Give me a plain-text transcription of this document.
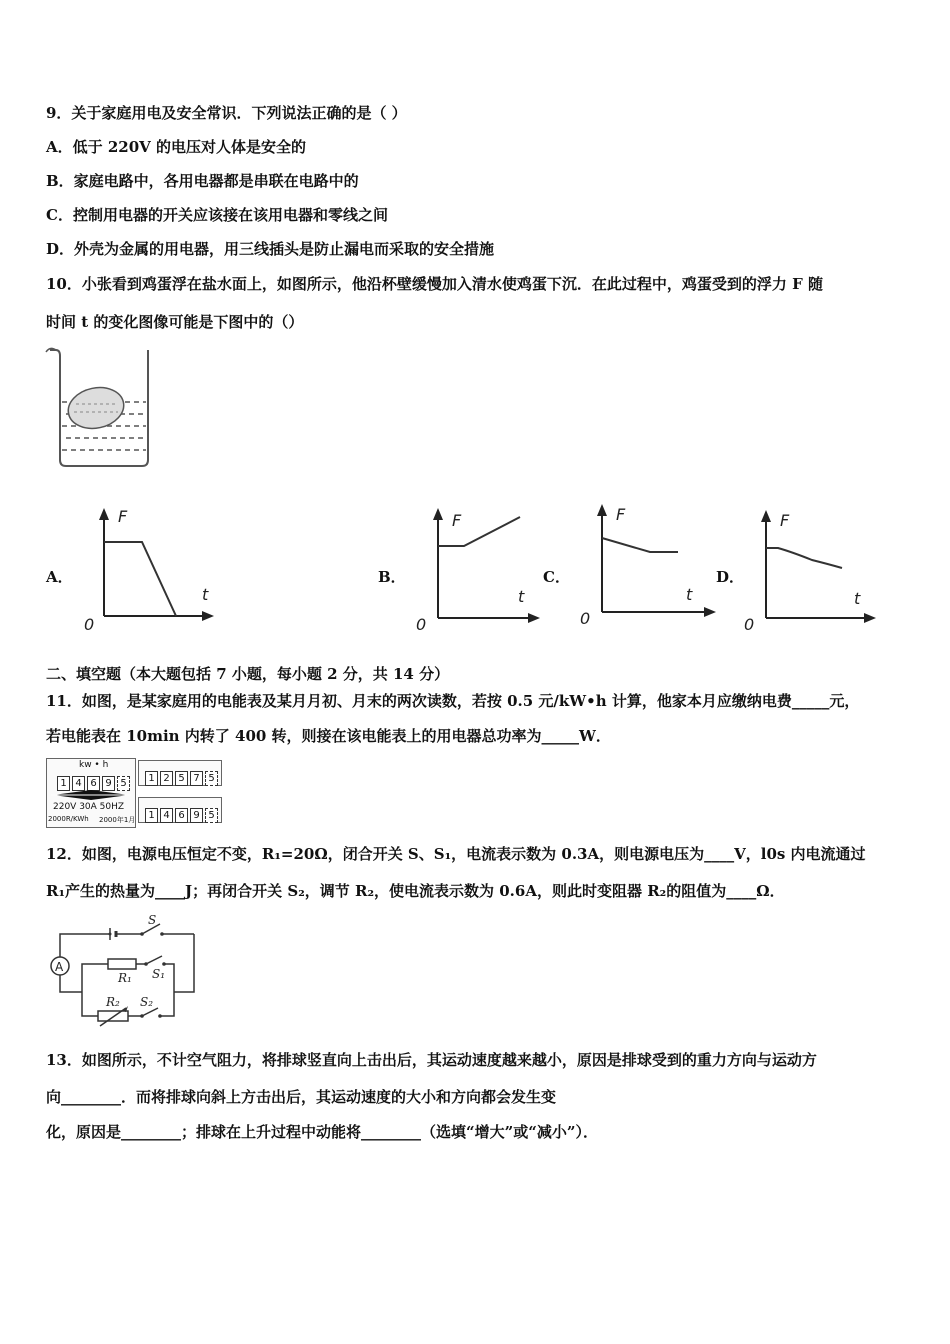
9．关于家庭用电及安全常识．下列说法正确的是（ ）
A．低于 220V 的电压对人体是安全的
B．家庭电路中，各用电器都是串联在电路中的
C．控制用电器的开关应该接在该用电器和零线之间
D．外壳为金属的用电器，用三线插头是防止漏电而采取的安全措施
10．小张看到鸡蛋浮在盐水面上，如图所示，他沿杯壁缓慢加入清水使鸡蛋下沉．在此过程中，鸡蛋受到的浮力 F 随
时间 t 的变化图像可能是下图中的（）
A．	B．	C．	D．
F
t
0
F
t
0
F
t
0
F
t
0
二、填空题（本大题包括 7 小题，每小题 2 分，共 14 分）
11．如图，是某家庭用的电能表及某月月初、月末的两次读数，若按 0.5 元/kW•h 计算，他家本月应缴纳电费_____元，
若电能表在 10min 内转了 400 转，则接在该电能表上的用电器总功率为_____W．
kw • h
1 4 6 9 5
220V 30A 50HZ
2000R/KWh 2000年1月
1 2 5 7 5
1 4 6 9 5
12．如图，电源电压恒定不变，R₁=20Ω，闭合开关 S、S₁，电流表示数为 0.3A，则电源电压为____V，l0s 内电流通过
R₁产生的热量为____J；再闭合开关 S₂，调节 R₂，使电流表示数为 0.6A，则此时变阻器 R₂的阻值为____Ω．
A
S
S₁
S₂
R₁
R₂
13．如图所示，不计空气阻力，将排球竖直向上击出后，其运动速度越来越小，原因是排球受到的重力方向与运动方
向________．而将排球向斜上方击出后，其运动速度的大小和方向都会发生变
化，原因是________；排球在上升过程中动能将________（选填“增大”或“减小”）．
